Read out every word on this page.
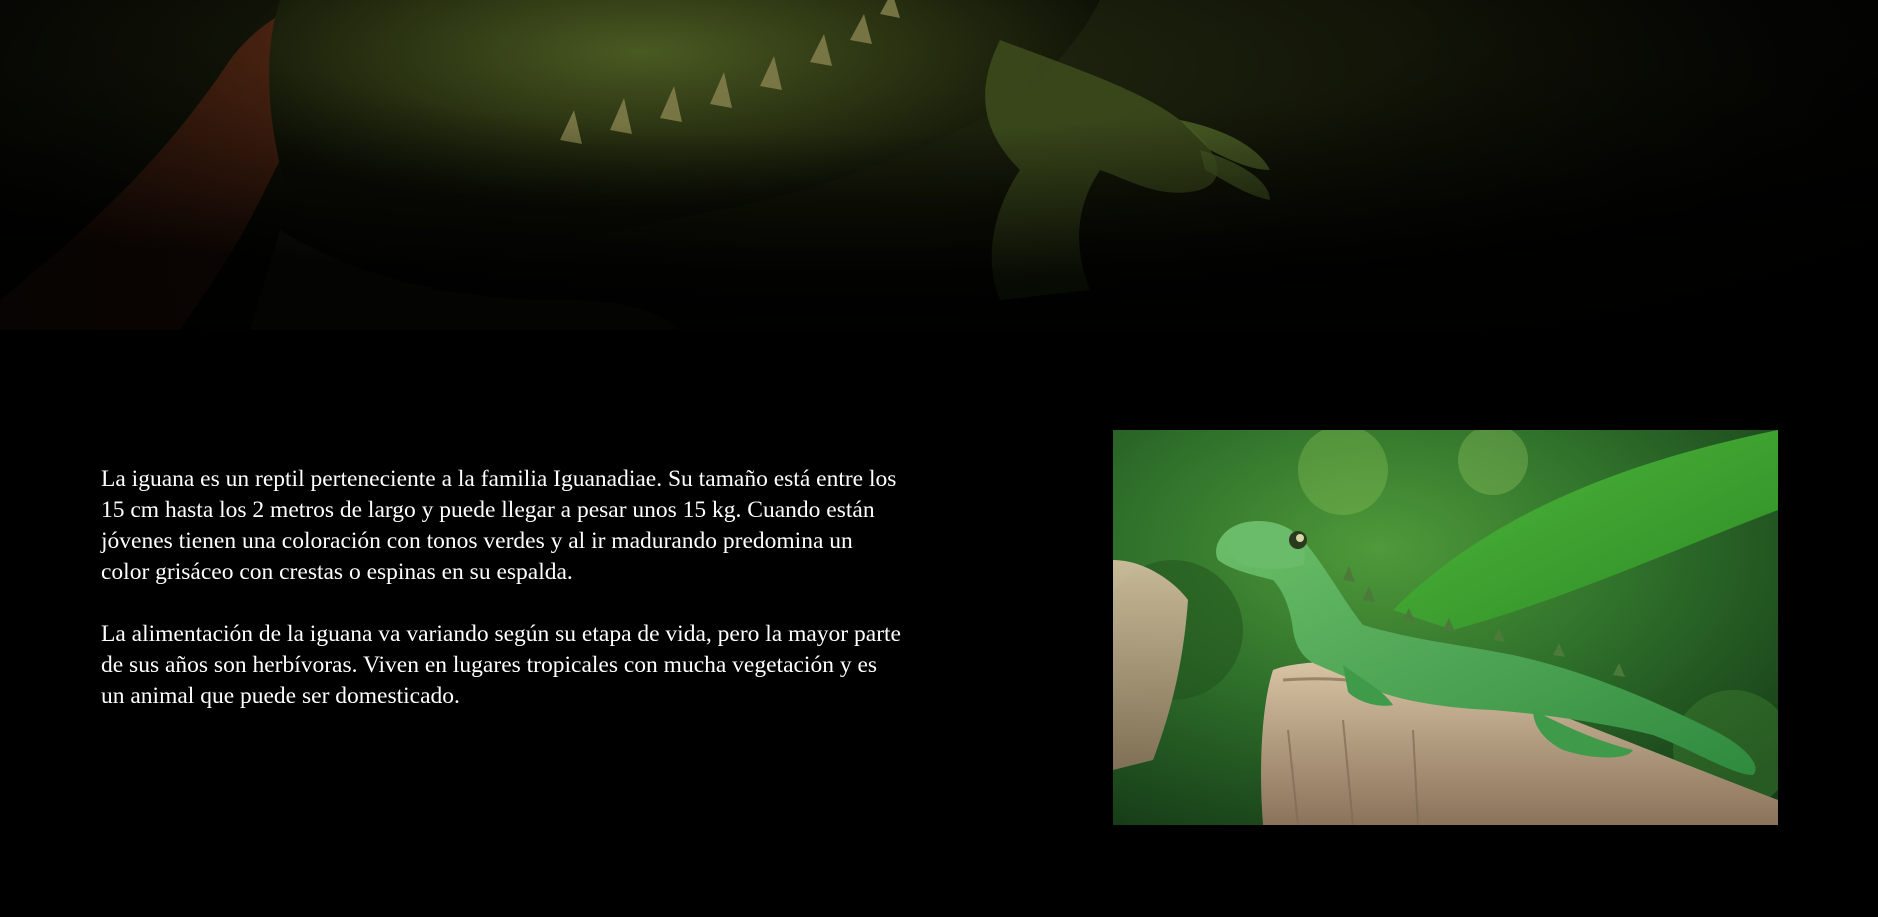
La iguana es un reptil perteneciente a la familia Iguanadiae. Su tamaño está entre los 15 cm hasta los 2 metros de largo y puede llegar a pesar unos 15 kg. Cuando están jóvenes tienen una coloración con tonos verdes y al ir madurando predomina un color grisáceo con crestas o espinas en su espalda.

La alimentación de la iguana va variando según su etapa de vida, pero la mayor parte de sus años son herbívoras. Viven en lugares tropicales con mucha vegetación y es un animal que puede ser domesticado.
